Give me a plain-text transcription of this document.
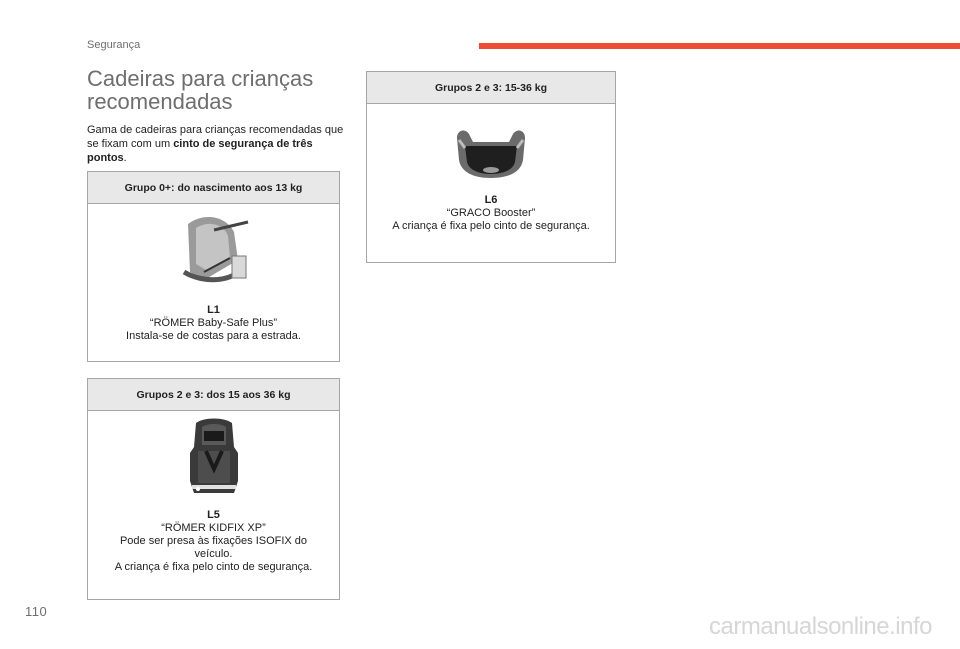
Segurança
Cadeiras para crianças recomendadas
Gama de cadeiras para crianças recomendadas que se fixam com um cinto de segurança de três pontos.
Grupo 0+: do nascimento aos 13 kg
L1
“RÖMER Baby-Safe Plus”
Instala-se de costas para a estrada.
Grupos 2 e 3: dos 15 aos 36 kg
L5
“RÖMER KIDFIX XP”
Pode ser presa às fixações ISOFIX do veículo.
A criança é fixa pelo cinto de segurança.
Grupos 2 e 3: 15-36 kg
L6
“GRACO Booster”
A criança é fixa pelo cinto de segurança.
110
carmanualsonline.info
